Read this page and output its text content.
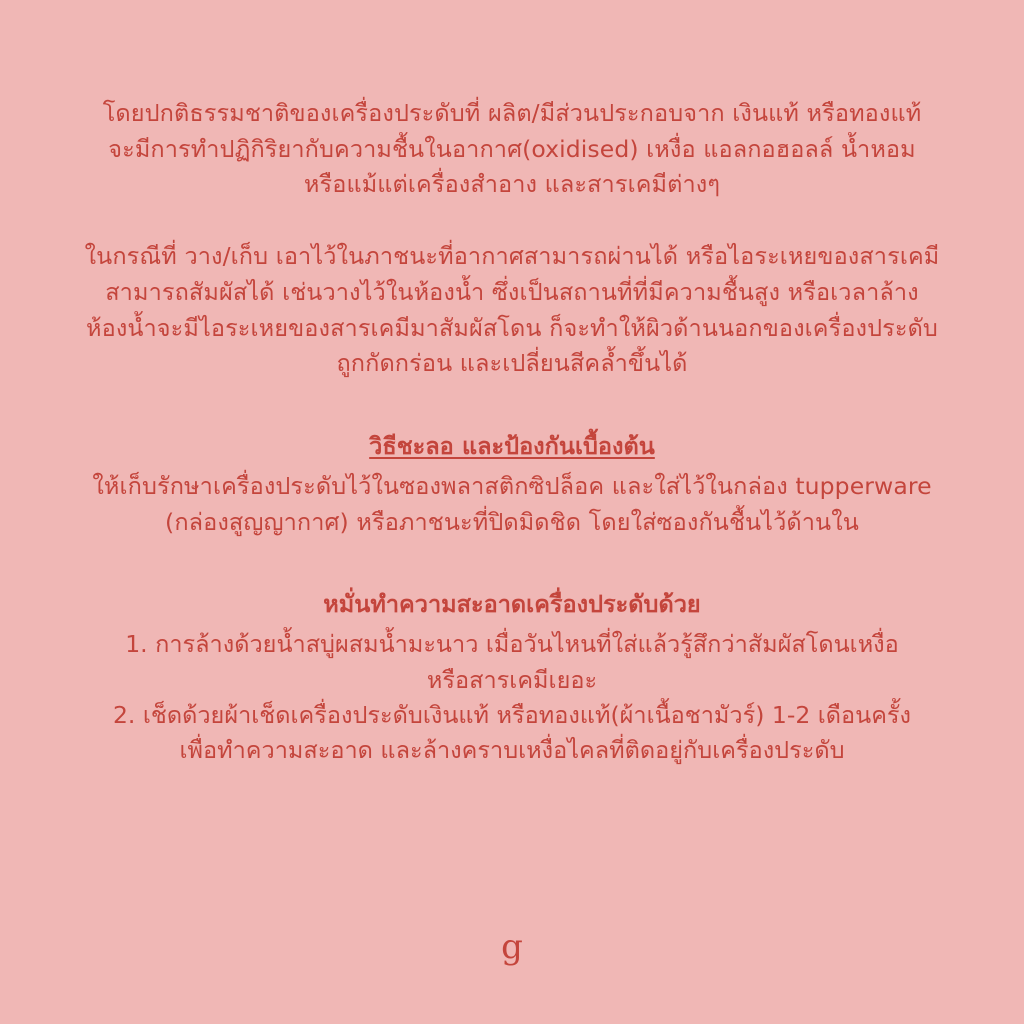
โดยปกติธรรมชาติของเครื่องประดับที่ ผลิต/มีส่วนประกอบจาก เงินแท้ หรือทองแท้

จะมีการทำปฏิกิริยากับความชื้นในอากาศ(oxidised) เหงื่อ แอลกอฮอลล์ น้ำหอม

หรือแม้แต่เครื่องสำอาง และสารเคมีต่างๆ

ในกรณีที่ วาง/เก็บ เอาไว้ในภาชนะที่อากาศสามารถผ่านได้ หรือไอระเหยของสารเคมี

สามารถสัมผัสได้ เช่นวางไว้ในห้องน้ำ ซึ่งเป็นสถานที่ที่มีความชื้นสูง หรือเวลาล้าง

ห้องน้ำจะมีไอระเหยของสารเคมีมาสัมผัสโดน ก็จะทำให้ผิวด้านนอกของเครื่องประดับ

ถูกกัดกร่อน และเปลี่ยนสีคล้ำขึ้นได้

วิธีชะลอ และป้องกันเบื้องต้น

ให้เก็บรักษาเครื่องประดับไว้ในซองพลาสติกซิปล็อค และใส่ไว้ในกล่อง tupperware

(กล่องสูญญากาศ) หรือภาชนะที่ปิดมิดชิด โดยใส่ซองกันชื้นไว้ด้านใน

หมั่นทำความสะอาดเครื่องประดับด้วย

1. การล้างด้วยน้ำสบู่ผสมน้ำมะนาว เมื่อวันไหนที่ใส่แล้วรู้สึกว่าสัมผัสโดนเหงื่อ

หรือสารเคมีเยอะ

2. เช็ดด้วยผ้าเช็ดเครื่องประดับเงินแท้ หรือทองแท้(ผ้าเนื้อชามัวร์) 1-2 เดือนครั้ง

เพื่อทำความสะอาด และล้างคราบเหงื่อไคลที่ติดอยู่กับเครื่องประดับ

g
